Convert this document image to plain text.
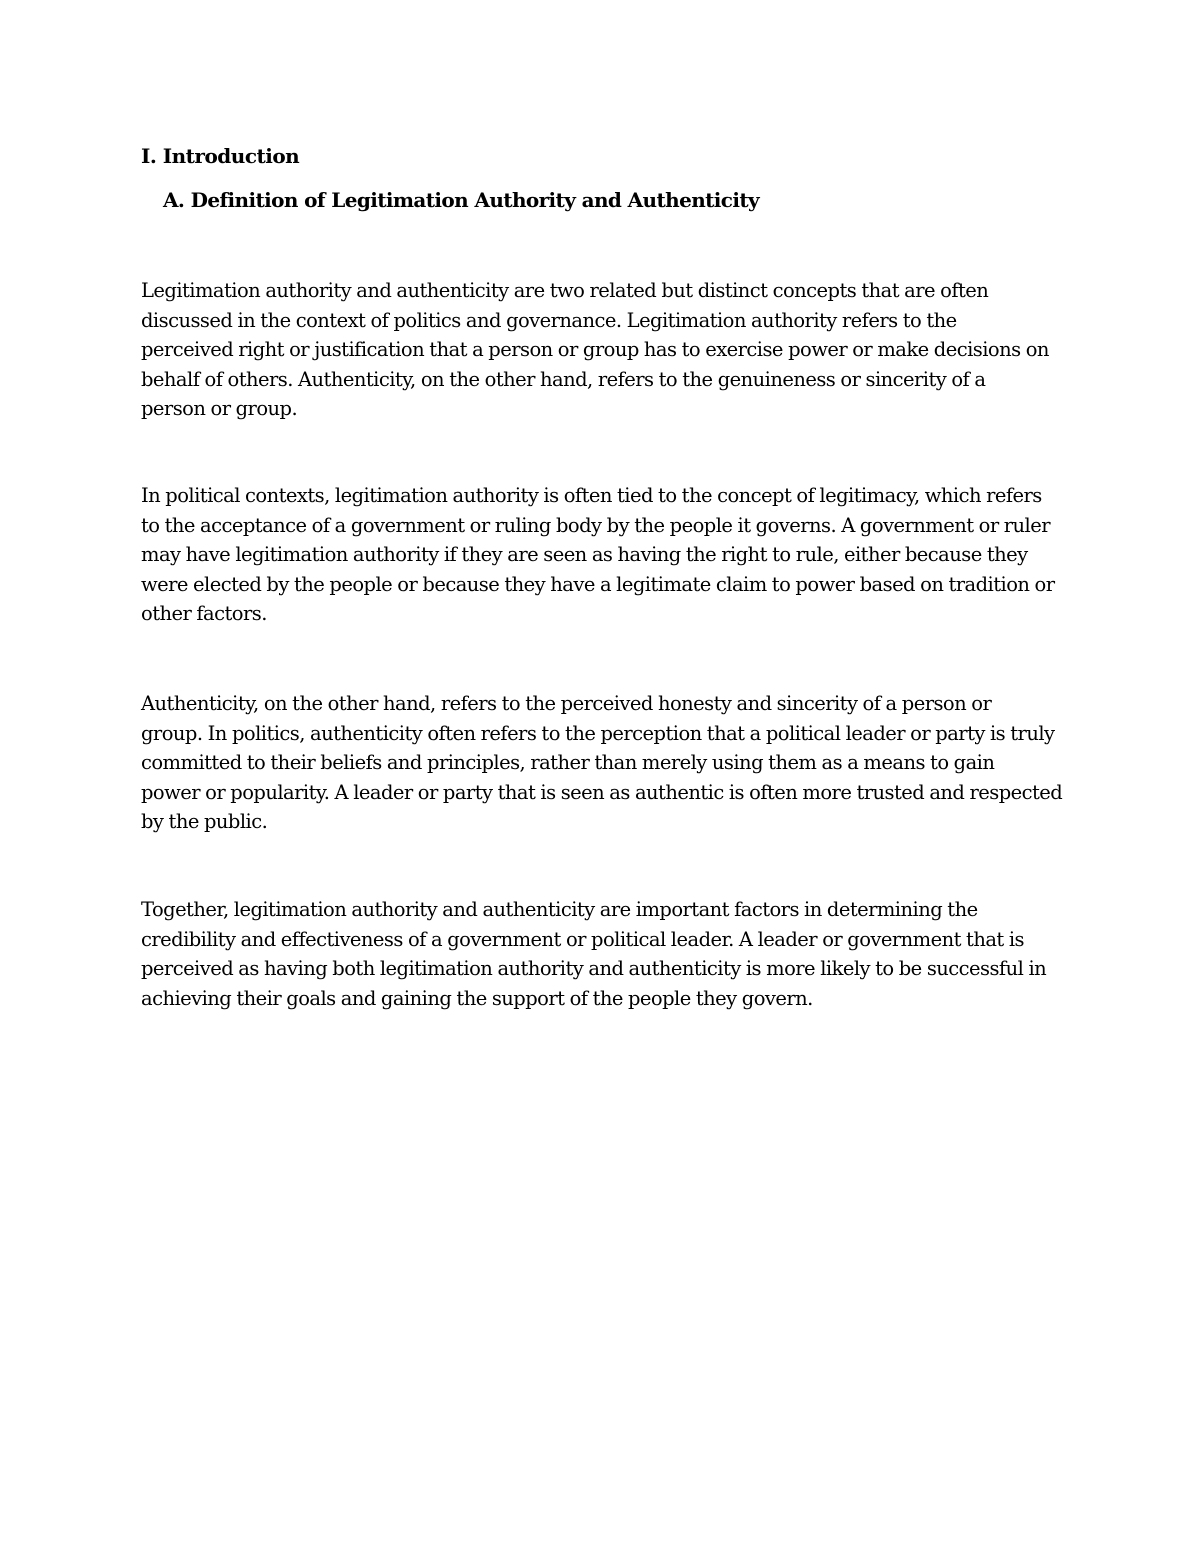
I. Introduction
A. Definition of Legitimation Authority and Authenticity

Legitimation authority and authenticity are two related but distinct concepts that are often
discussed in the context of politics and governance. Legitimation authority refers to the
perceived right or justification that a person or group has to exercise power or make decisions on
behalf of others. Authenticity, on the other hand, refers to the genuineness or sincerity of a
person or group.

In political contexts, legitimation authority is often tied to the concept of legitimacy, which refers
to the acceptance of a government or ruling body by the people it governs. A government or ruler
may have legitimation authority if they are seen as having the right to rule, either because they
were elected by the people or because they have a legitimate claim to power based on tradition or
other factors.

Authenticity, on the other hand, refers to the perceived honesty and sincerity of a person or
group. In politics, authenticity often refers to the perception that a political leader or party is truly
committed to their beliefs and principles, rather than merely using them as a means to gain
power or popularity. A leader or party that is seen as authentic is often more trusted and respected
by the public.

Together, legitimation authority and authenticity are important factors in determining the
credibility and effectiveness of a government or political leader. A leader or government that is
perceived as having both legitimation authority and authenticity is more likely to be successful in
achieving their goals and gaining the support of the people they govern.
